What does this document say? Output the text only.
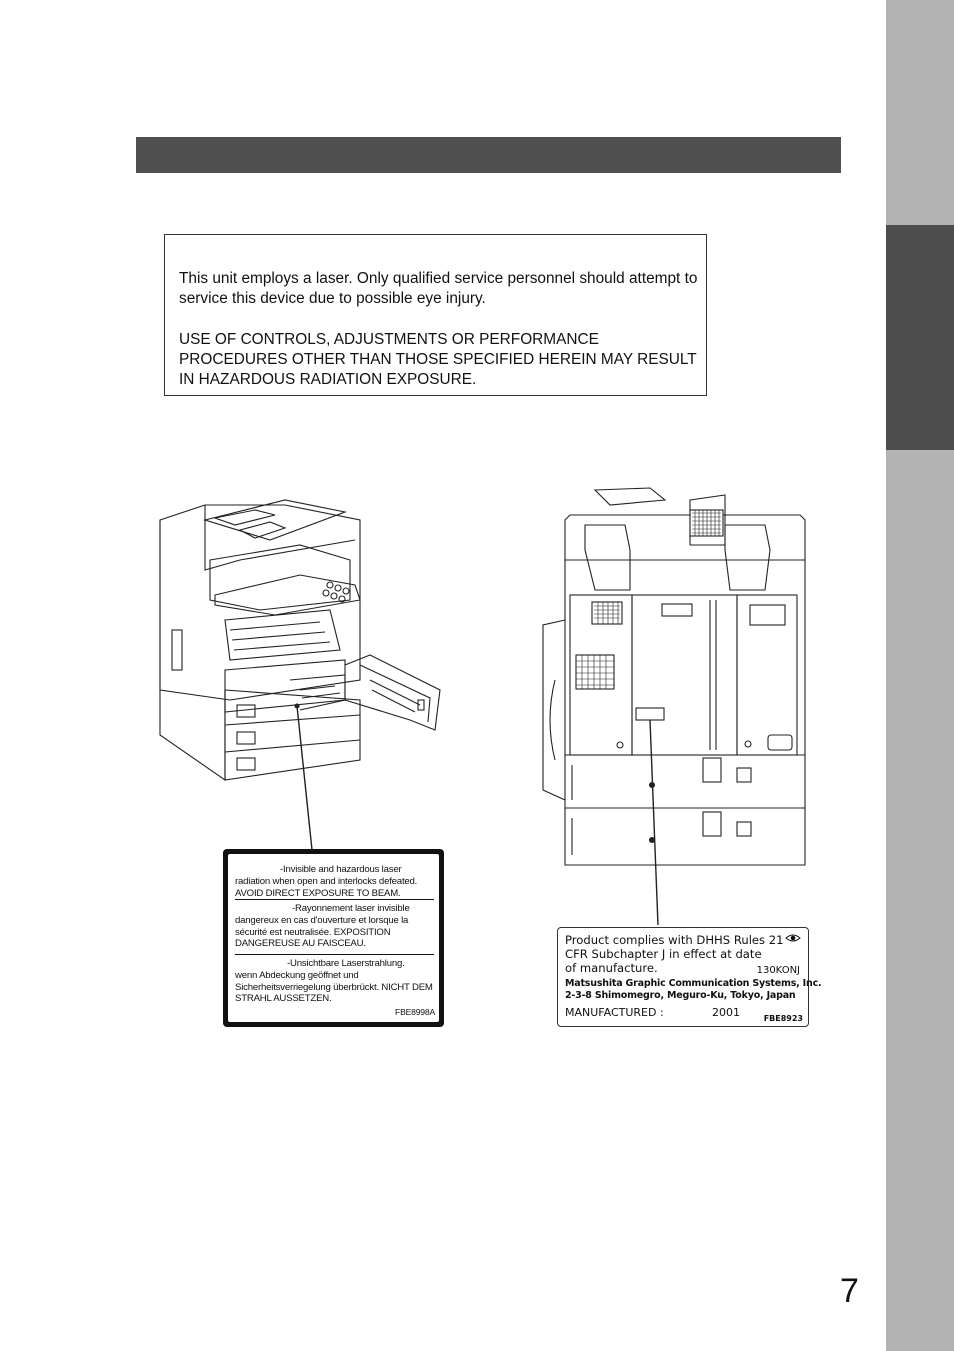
This unit employs a laser. Only qualified service personnel should attempt to service this device due to possible eye injury.

USE OF CONTROLS, ADJUSTMENTS OR PERFORMANCE PROCEDURES OTHER THAN THOSE SPECIFIED HEREIN MAY RESULT IN HAZARDOUS RADIATION EXPOSURE.

-Invisible and hazardous laser
radiation when open and interlocks defeated. AVOID DIRECT EXPOSURE TO BEAM.
-Rayonnement laser invisible
dangereux en cas d'ouverture et lorsque la sécurité est neutralisée. EXPOSITION DANGEREUSE AU FAISCEAU.
-Unsichtbare Laserstrahlung.
wenn Abdeckung geöffnet und Sicherheitsverriegelung überbrückt. NICHT DEM STRAHL AUSSETZEN.
FBE8998A
Product complies with DHHS Rules 21
CFR Subchapter J in effect at date
of manufacture.	130KONJ
Matsushita Graphic Communication Systems, Inc.
2-3-8 Shimomegro, Meguro-Ku, Tokyo, Japan
MANUFACTURED :	2001	FBE8923
7
